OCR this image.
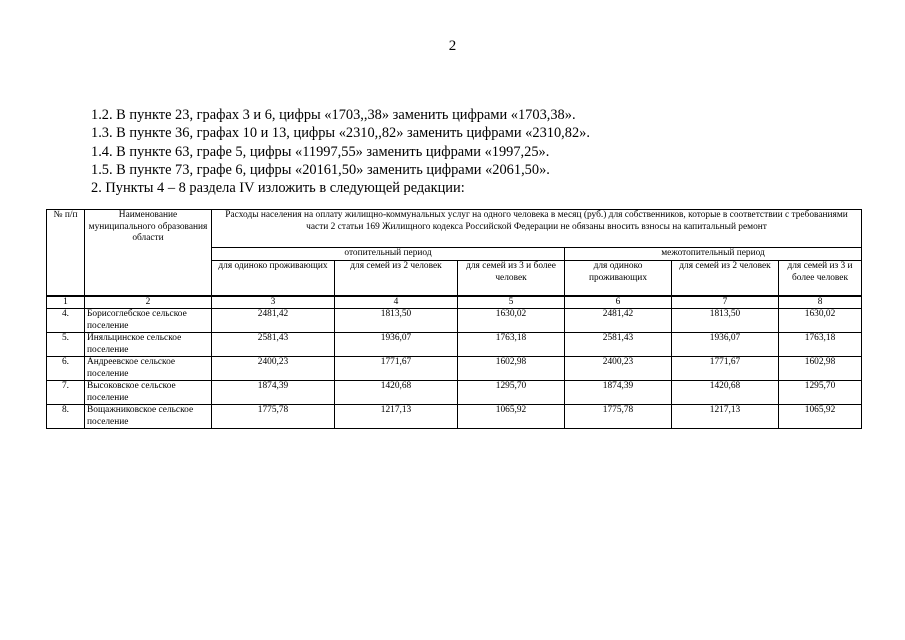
2
1.2. В пункте 23, графах 3 и 6, цифры «1703,,38» заменить цифрами «1703,38».
1.3. В пункте 36, графах 10 и 13, цифры «2310,,82» заменить цифрами «2310,82».
1.4. В пункте 63, графе 5, цифры «11997,55» заменить цифрами «1997,25».
1.5. В пункте 73, графе 6, цифры «20161,50» заменить цифрами «2061,50».
2. Пункты 4 – 8 раздела IV изложить в следующей редакции:
№ п/п	Наименование муниципального образования области	Расходы населения на оплату жилищно-коммунальных услуг на одного человека в месяц (руб.) для собственников, которые в соответствии с требованиями части 2 статьи 169 Жилищного кодекса Российской Федерации не обязаны вносить взносы на капитальный ремонт					
		отопительный период			межотопительный период		
		для одиноко проживающих	для семей из 2 человек	для семей из 3 и более человек	для одиноко проживающих	для семей из 2 человек	для семей из 3 и более человек
1	2	3	4	5	6	7	8
4.	Борисоглебское сельское поселение	2481,42	1813,50	1630,02	2481,42	1813,50	1630,02
5.	Иняльцинское сельское поселение	2581,43	1936,07	1763,18	2581,43	1936,07	1763,18
6.	Андреевское сельское поселение	2400,23	1771,67	1602,98	2400,23	1771,67	1602,98
7.	Высоковское сельское поселение	1874,39	1420,68	1295,70	1874,39	1420,68	1295,70
8.	Вощажниковское сельское поселение	1775,78	1217,13	1065,92	1775,78	1217,13	1065,92
